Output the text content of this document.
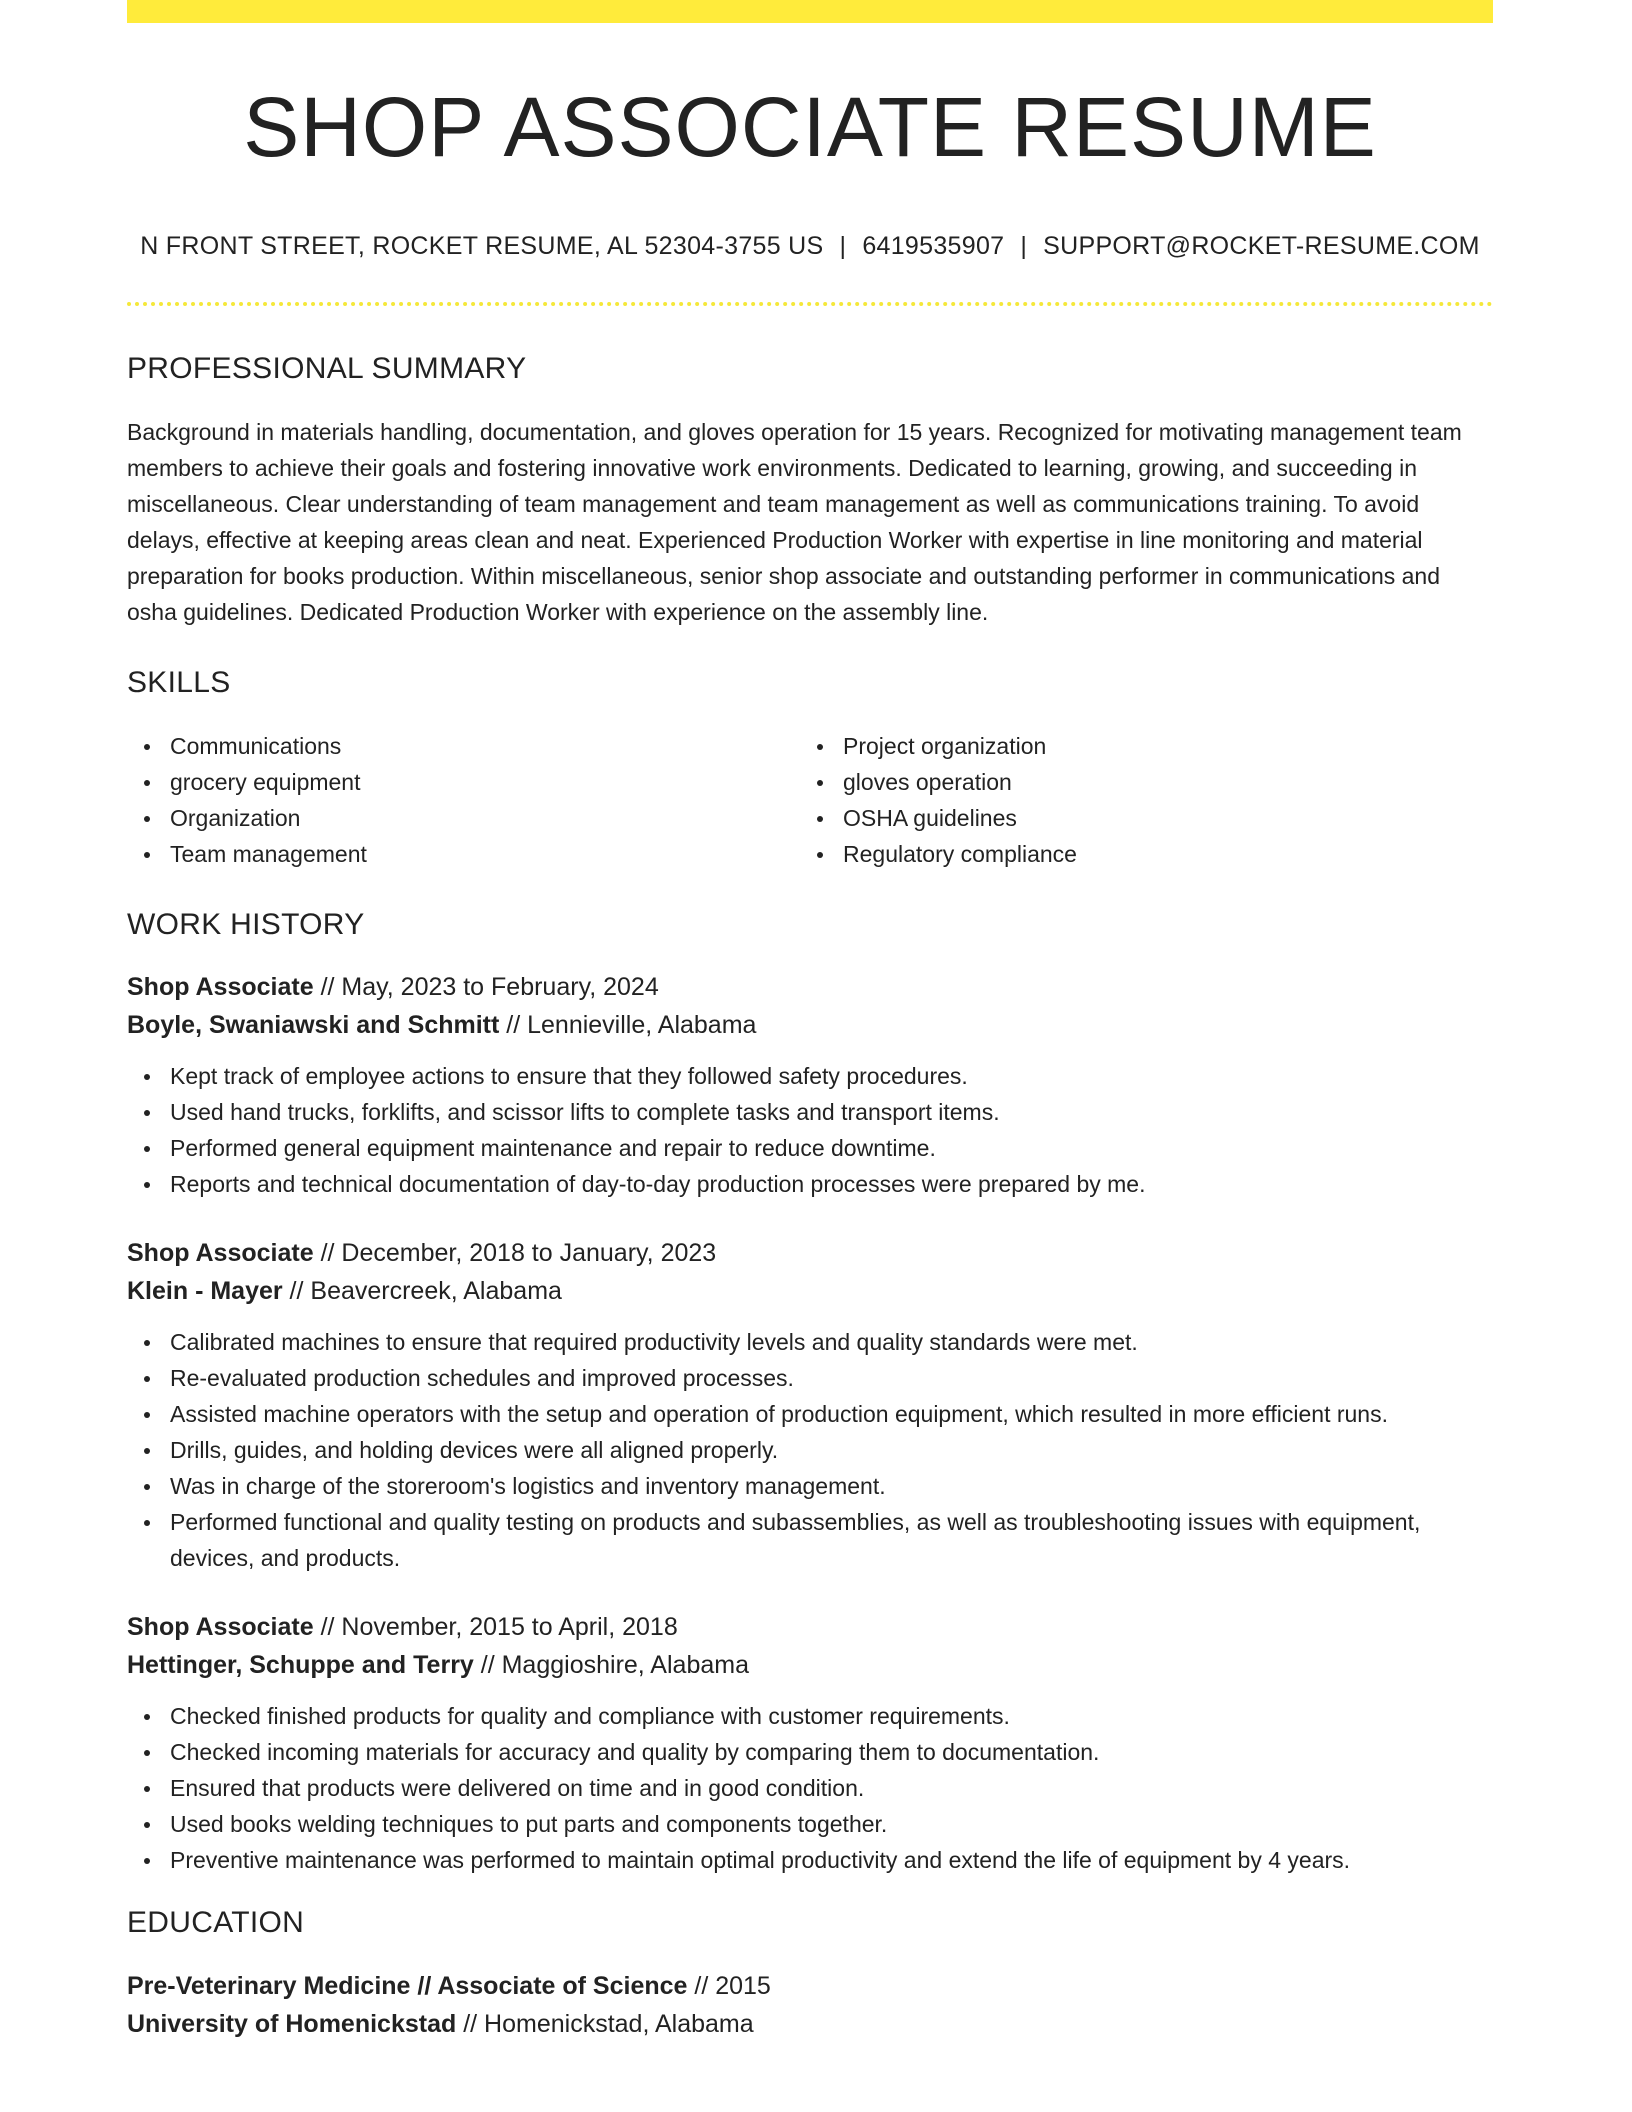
SHOP ASSOCIATE RESUME
N FRONT STREET, ROCKET RESUME, AL 52304-3755 US | 6419535907 | SUPPORT@ROCKET-RESUME.COM
PROFESSIONAL SUMMARY
Background in materials handling, documentation, and gloves operation for 15 years. Recognized for motivating management team members to achieve their goals and fostering innovative work environments. Dedicated to learning, growing, and succeeding in miscellaneous. Clear understanding of team management and team management as well as communications training. To avoid delays, effective at keeping areas clean and neat. Experienced Production Worker with expertise in line monitoring and material preparation for books production. Within miscellaneous, senior shop associate and outstanding performer in communications and osha guidelines. Dedicated Production Worker with experience on the assembly line.
SKILLS
Communications
grocery equipment
Organization
Team management
Project organization
gloves operation
OSHA guidelines
Regulatory compliance
WORK HISTORY
Shop Associate // May, 2023 to February, 2024
Boyle, Swaniawski and Schmitt // Lennieville, Alabama
Kept track of employee actions to ensure that they followed safety procedures.
Used hand trucks, forklifts, and scissor lifts to complete tasks and transport items.
Performed general equipment maintenance and repair to reduce downtime.
Reports and technical documentation of day-to-day production processes were prepared by me.
Shop Associate // December, 2018 to January, 2023
Klein - Mayer // Beavercreek, Alabama
Calibrated machines to ensure that required productivity levels and quality standards were met.
Re-evaluated production schedules and improved processes.
Assisted machine operators with the setup and operation of production equipment, which resulted in more efficient runs.
Drills, guides, and holding devices were all aligned properly.
Was in charge of the storeroom's logistics and inventory management.
Performed functional and quality testing on products and subassemblies, as well as troubleshooting issues with equipment, devices, and products.
Shop Associate // November, 2015 to April, 2018
Hettinger, Schuppe and Terry // Maggioshire, Alabama
Checked finished products for quality and compliance with customer requirements.
Checked incoming materials for accuracy and quality by comparing them to documentation.
Ensured that products were delivered on time and in good condition.
Used books welding techniques to put parts and components together.
Preventive maintenance was performed to maintain optimal productivity and extend the life of equipment by 4 years.
EDUCATION
Pre-Veterinary Medicine // Associate of Science // 2015
University of Homenickstad // Homenickstad, Alabama
